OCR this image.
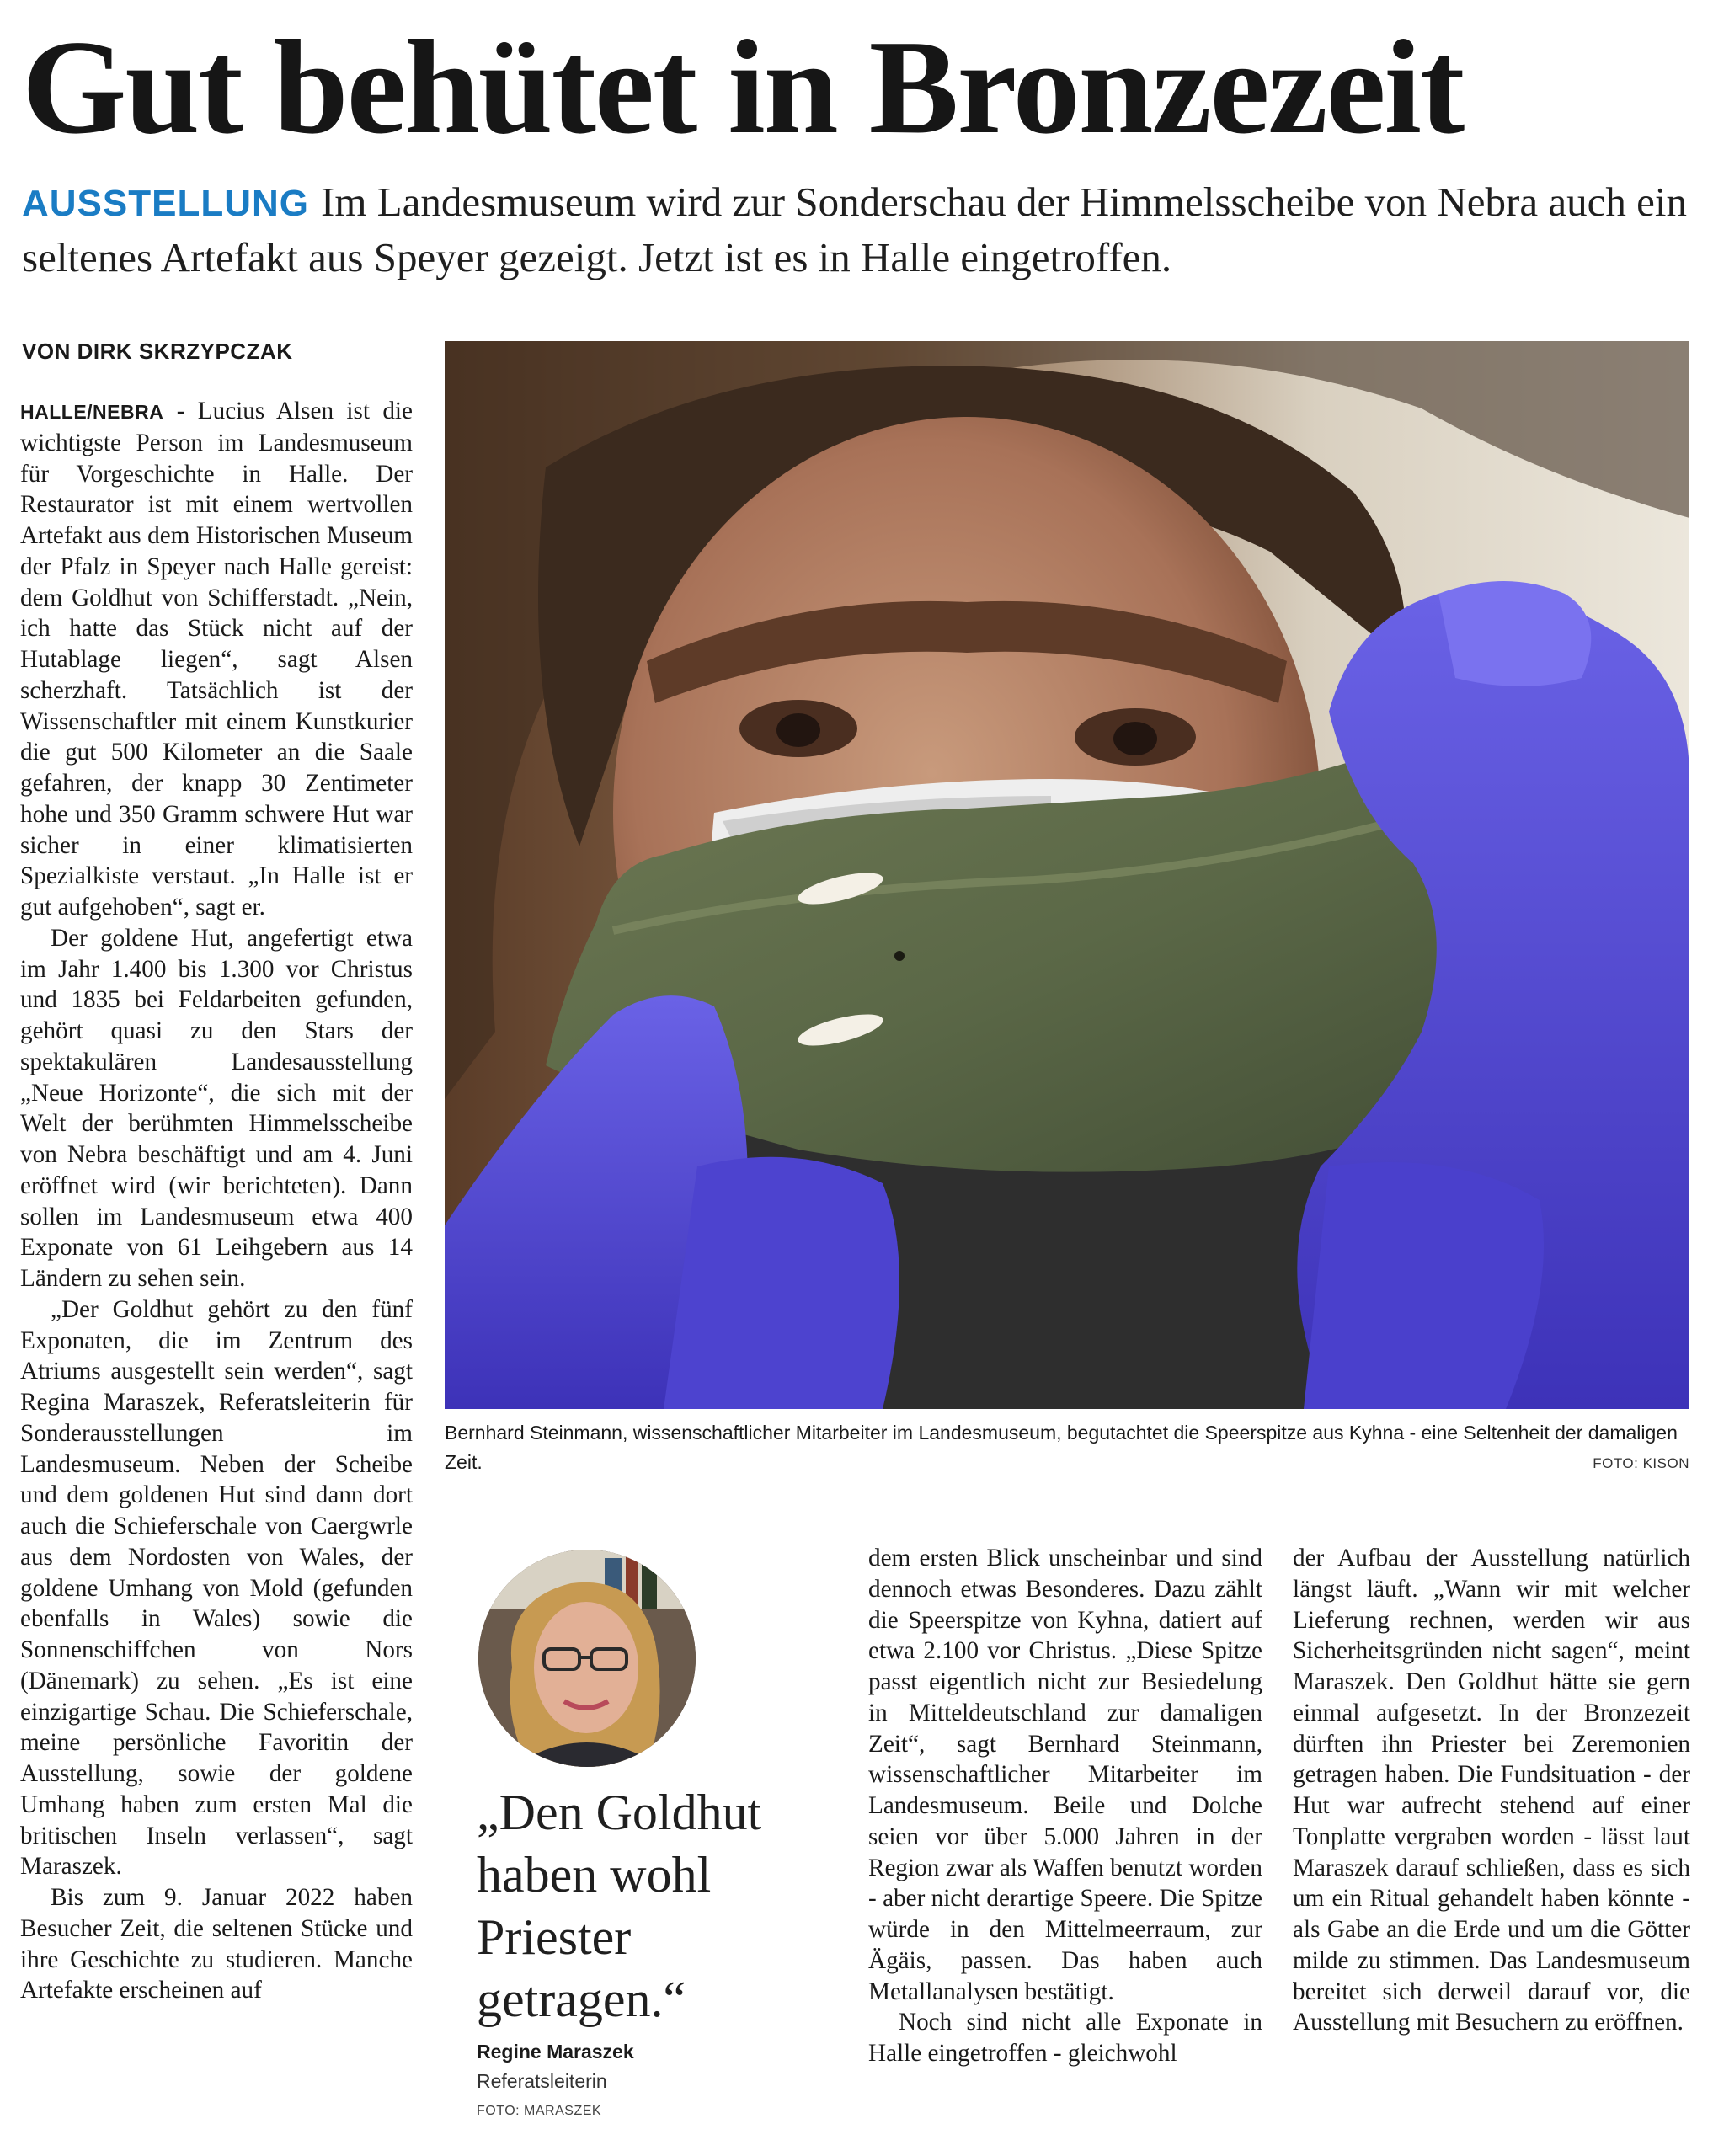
Gut behütet in Bronzezeit
AUSSTELLUNG Im Landesmuseum wird zur Sonderschau der Himmelsscheibe von Nebra auch ein seltenes Artefakt aus Speyer gezeigt. Jetzt ist es in Halle eingetroffen.
VON DIRK SKRZYPCZAK

HALLE/NEBRA - Lucius Alsen ist die wichtigste Person im Landesmuseum für Vorgeschichte in Halle. Der Restaurator ist mit einem wertvollen Artefakt aus dem Historischen Museum der Pfalz in Speyer nach Halle gereist: dem Goldhut von Schifferstadt. „Nein, ich hatte das Stück nicht auf der Hutablage liegen“, sagt Alsen scherzhaft. Tatsächlich ist der Wissenschaftler mit einem Kunstkurier die gut 500 Kilometer an die Saale gefahren, der knapp 30 Zentimeter hohe und 350 Gramm schwere Hut war sicher in einer klimatisierten Spezialkiste verstaut. „In Halle ist er gut aufgehoben“, sagt er.

Der goldene Hut, angefertigt etwa im Jahr 1.400 bis 1.300 vor Christus und 1835 bei Feldarbeiten gefunden, gehört quasi zu den Stars der spektakulären Landesausstellung „Neue Horizonte“, die sich mit der Welt der berühmten Himmelsscheibe von Nebra beschäftigt und am 4. Juni eröffnet wird (wir berichteten). Dann sollen im Landesmuseum etwa 400 Exponate von 61 Leihgebern aus 14 Ländern zu sehen sein.

„Der Goldhut gehört zu den fünf Exponaten, die im Zentrum des Atriums ausgestellt sein werden“, sagt Regina Maraszek, Referatsleiterin für Sonderausstellungen im Landesmuseum. Neben der Scheibe und dem goldenen Hut sind dann dort auch die Schieferschale von Caergwrle aus dem Nordosten von Wales, der goldene Umhang von Mold (gefunden ebenfalls in Wales) sowie die Sonnenschiffchen von Nors (Dänemark) zu sehen. „Es ist eine einzigartige Schau. Die Schieferschale, meine persönliche Favoritin der Ausstellung, sowie der goldene Umhang haben zum ersten Mal die britischen Inseln verlassen“, sagt Maraszek.

Bis zum 9. Januar 2022 haben Besucher Zeit, die seltenen Stücke und ihre Geschichte zu studieren. Manche Artefakte erscheinen auf

Bernhard Steinmann, wissenschaftlicher Mitarbeiter im Landesmuseum, begutachtet die Speerspitze aus Kyhna - eine Seltenheit der damaligen Zeit.	FOTO: KISON
„Den Goldhut haben wohl Priester getragen.“
Regine Maraszek
Referatsleiterin
FOTO: MARASZEK

dem ersten Blick unscheinbar und sind dennoch etwas Besonderes. Dazu zählt die Speerspitze von Kyhna, datiert auf etwa 2.100 vor Christus. „Diese Spitze passt eigentlich nicht zur Besiedelung in Mitteldeutschland zur damaligen Zeit“, sagt Bernhard Steinmann, wissenschaftlicher Mitarbeiter im Landesmuseum. Beile und Dolche seien vor über 5.000 Jahren in der Region zwar als Waffen benutzt worden - aber nicht derartige Speere. Die Spitze würde in den Mittelmeerraum, zur Ägäis, passen. Das haben auch Metallanalysen bestätigt.

Noch sind nicht alle Exponate in Halle eingetroffen - gleichwohl

der Aufbau der Ausstellung natürlich längst läuft. „Wann wir mit welcher Lieferung rechnen, werden wir aus Sicherheitsgründen nicht sagen“, meint Maraszek. Den Goldhut hätte sie gern einmal aufgesetzt. In der Bronzezeit dürften ihn Priester bei Zeremonien getragen haben. Die Fundsituation - der Hut war aufrecht stehend auf einer Tonplatte vergraben worden - lässt laut Maraszek darauf schließen, dass es sich um ein Ritual gehandelt haben könnte - als Gabe an die Erde und um die Götter milde zu stimmen. Das Landesmuseum bereitet sich derweil darauf vor, die Ausstellung mit Besuchern zu eröffnen.
